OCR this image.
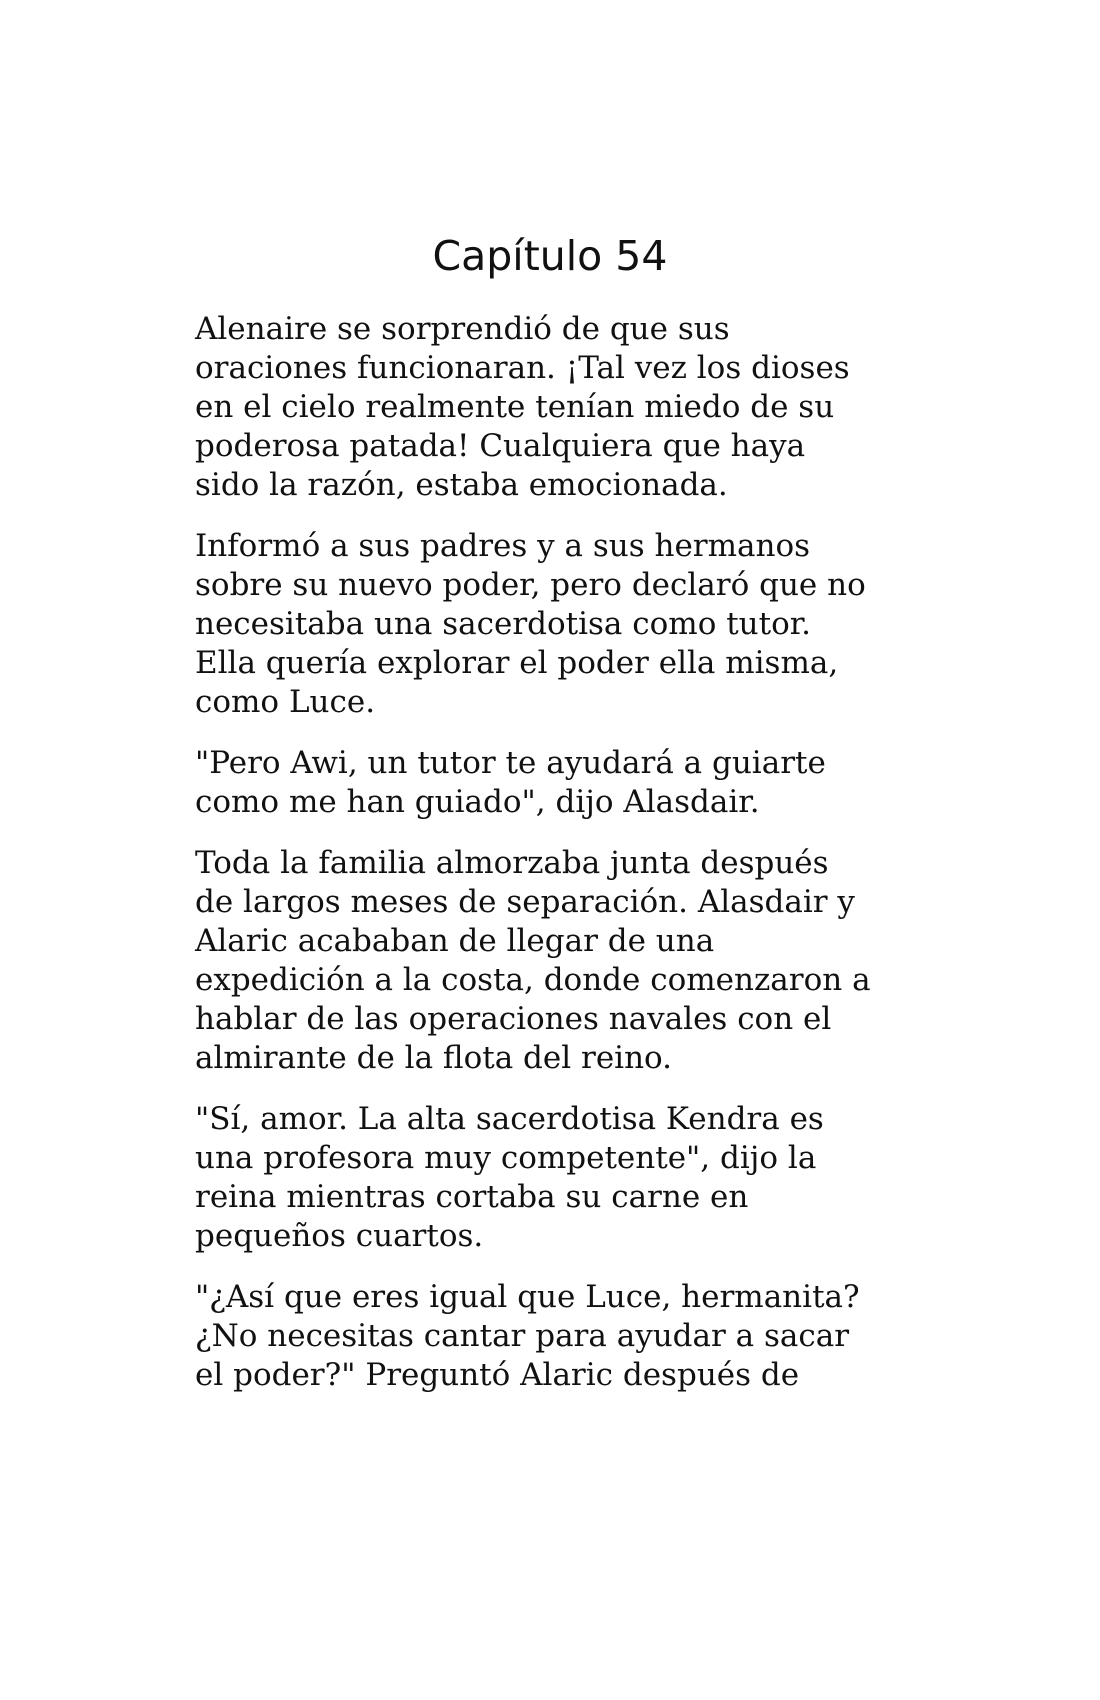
Capítulo 54

Alenaire se sorprendió de que sus
oraciones funcionaran. ¡Tal vez los dioses
en el cielo realmente tenían miedo de su
poderosa patada! Cualquiera que haya
sido la razón, estaba emocionada.

Informó a sus padres y a sus hermanos
sobre su nuevo poder, pero declaró que no
necesitaba una sacerdotisa como tutor.
Ella quería explorar el poder ella misma,
como Luce.

"Pero Awi, un tutor te ayudará a guiarte
como me han guiado", dijo Alasdair.

Toda la familia almorzaba junta después
de largos meses de separación. Alasdair y
Alaric acababan de llegar de una
expedición a la costa, donde comenzaron a
hablar de las operaciones navales con el
almirante de la flota del reino.

"Sí, amor. La alta sacerdotisa Kendra es
una profesora muy competente", dijo la
reina mientras cortaba su carne en
pequeños cuartos.

"¿Así que eres igual que Luce, hermanita?
¿No necesitas cantar para ayudar a sacar
el poder?" Preguntó Alaric después de
